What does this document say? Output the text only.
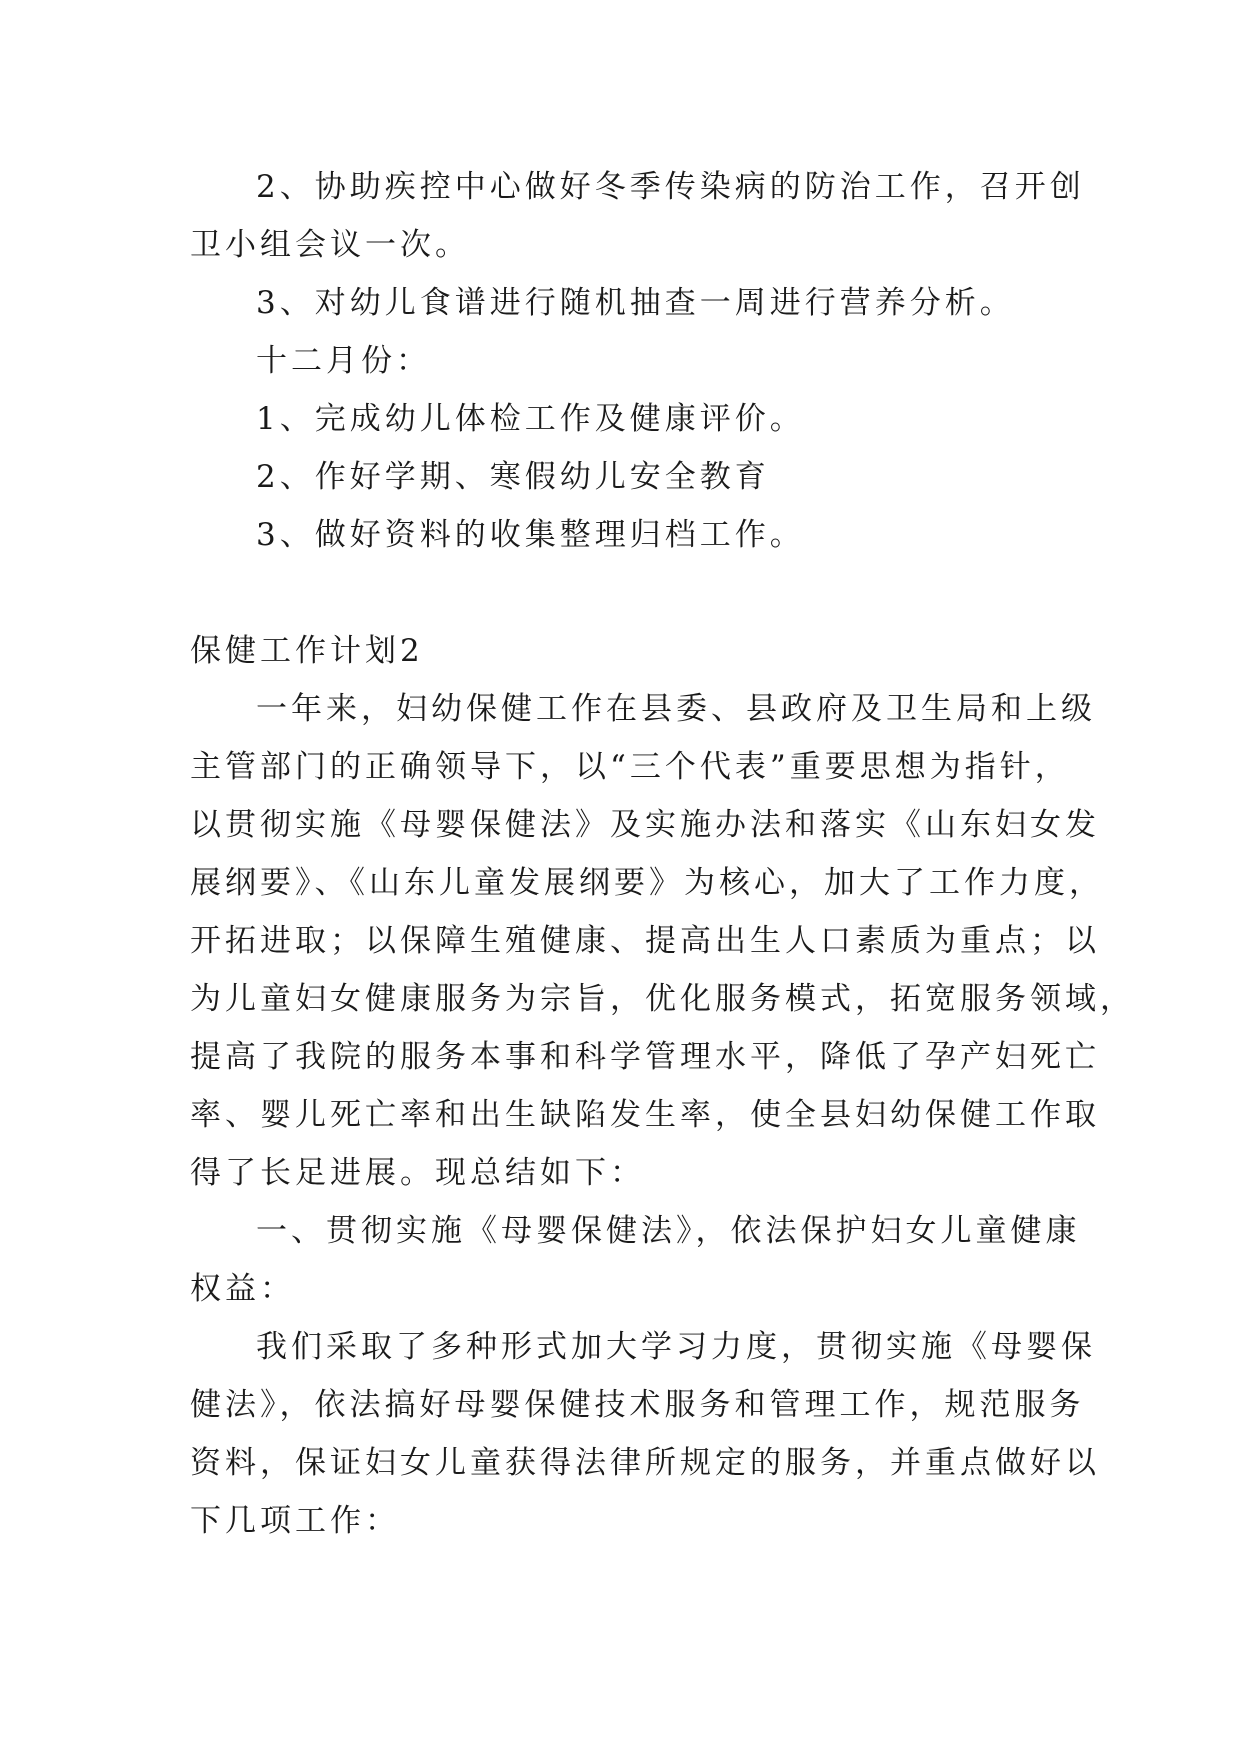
2、协助疾控中心做好冬季传染病的防治工作，召开创
卫小组会议一次。

3、对幼儿食谱进行随机抽查一周进行营养分析。

十二月份：

1、完成幼儿体检工作及健康评价。

2、作好学期、寒假幼儿安全教育

3、做好资料的收集整理归档工作。

保健工作计划2

一年来，妇幼保健工作在县委、县政府及卫生局和上级
主管部门的正确领导下，以“三个代表”重要思想为指针，
以贯彻实施《母婴保健法》及实施办法和落实《山东妇女发
展纲要》、《山东儿童发展纲要》为核心，加大了工作力度，
开拓进取；以保障生殖健康、提高出生人口素质为重点；以
为儿童妇女健康服务为宗旨，优化服务模式，拓宽服务领域，
提高了我院的服务本事和科学管理水平，降低了孕产妇死亡
率、婴儿死亡率和出生缺陷发生率，使全县妇幼保健工作取
得了长足进展。现总结如下：

一、贯彻实施《母婴保健法》，依法保护妇女儿童健康
权益：

我们采取了多种形式加大学习力度，贯彻实施《母婴保
健法》，依法搞好母婴保健技术服务和管理工作，规范服务
资料，保证妇女儿童获得法律所规定的服务，并重点做好以
下几项工作：
